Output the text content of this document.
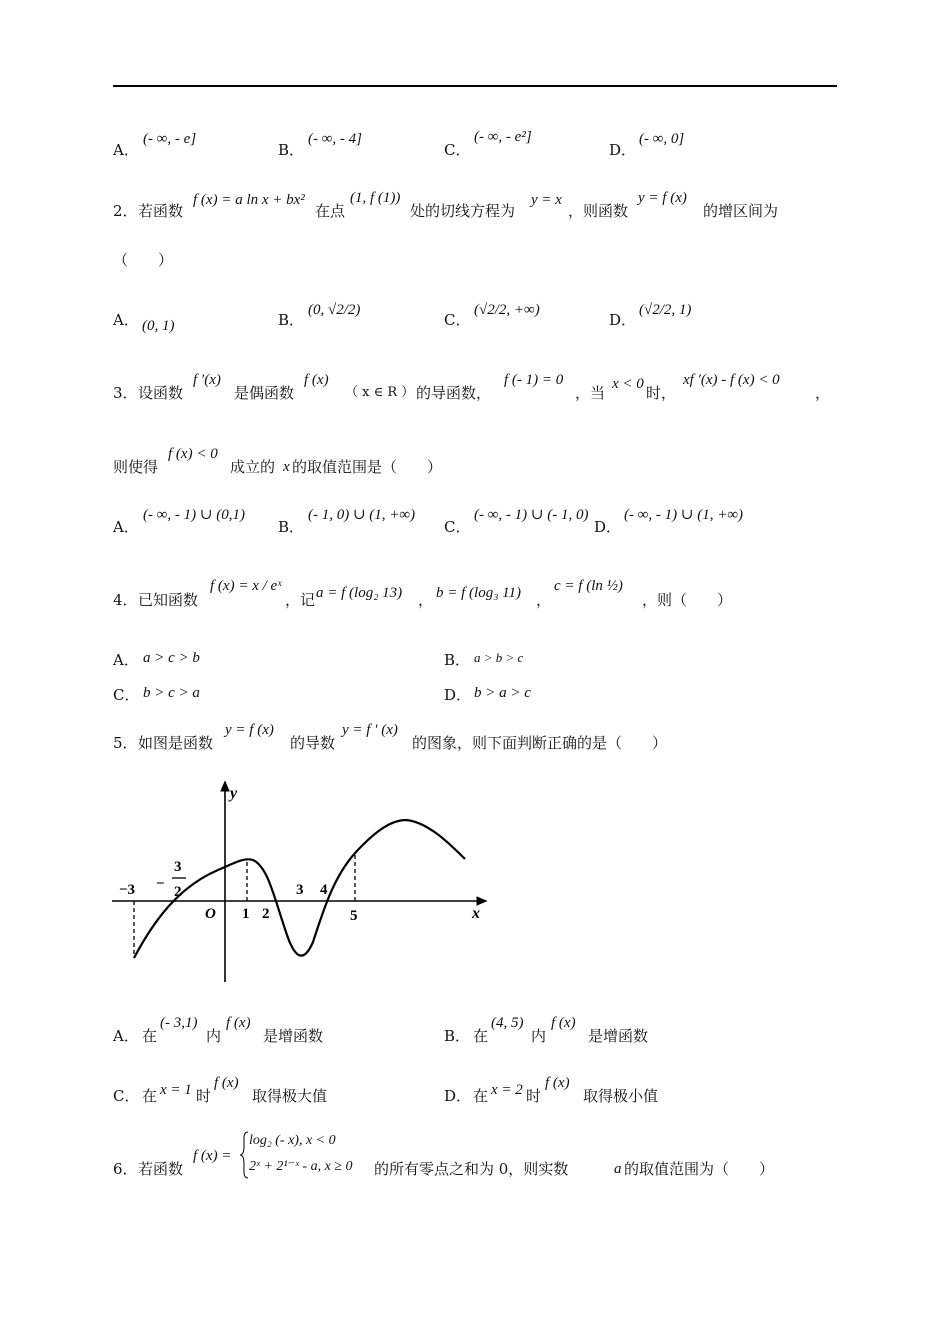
A．
(- ∞, - e]
B．
(- ∞, - 4]
C．
(- ∞, - e²]
D．
(- ∞, 0]
2． 若函数
f (x) = a ln x + bx²
在点
(1, f (1))
处的切线方程为
y = x
，则函数
y = f (x)
的增区间为
（　　）
A． (0, 1)	B．
(0, √2/2)
C．
(√2/2, +∞)
D．
(√2/2, 1)
3． 设函数
f ′(x)
是偶函数
f (x)
（ x ∈ R ） 的导函数，
f (- 1) = 0
，当 x < 0 时，
xf ′(x) - f (x) < 0
，
则使得
f (x) < 0
成立的 x 的取值范围是（　　）
A．
(- ∞, - 1) ∪ (0,1)
B．
(- 1, 0) ∪ (1, +∞)
C．
(- ∞, - 1) ∪ (- 1, 0)
D．
(- ∞, - 1) ∪ (1, +∞)
4． 已知函数
f (x) = x / eˣ
，记 a = f (log₂ 13) ， b = f (log₃ 11) ，
c = f (ln ½)
，则（　　）
A． a > c > b	B． a > b > c
C． b > c > a	D． b > a > c
5． 如图是函数
y = f (x)
的导数
y = f ′ (x)
的图象，则下面判断正确的是（　　）
y
x
O
−3 −
3
2
1 2
3 4
5
A． 在
(- 3,1)
内
f (x)
是增函数	B． 在
(4, 5)
内
f (x)
是增函数
C． 在 x = 1 时
f (x)
取得极大值	D． 在 x = 2 时
f (x)
取得极小值
6． 若函数
f (x) =
log₂ (- x), x < 0
2ˣ + 2¹⁻ˣ - a, x ≥ 0 的所有零点之和为 0，则实数	a 的取值范围为（　　）
